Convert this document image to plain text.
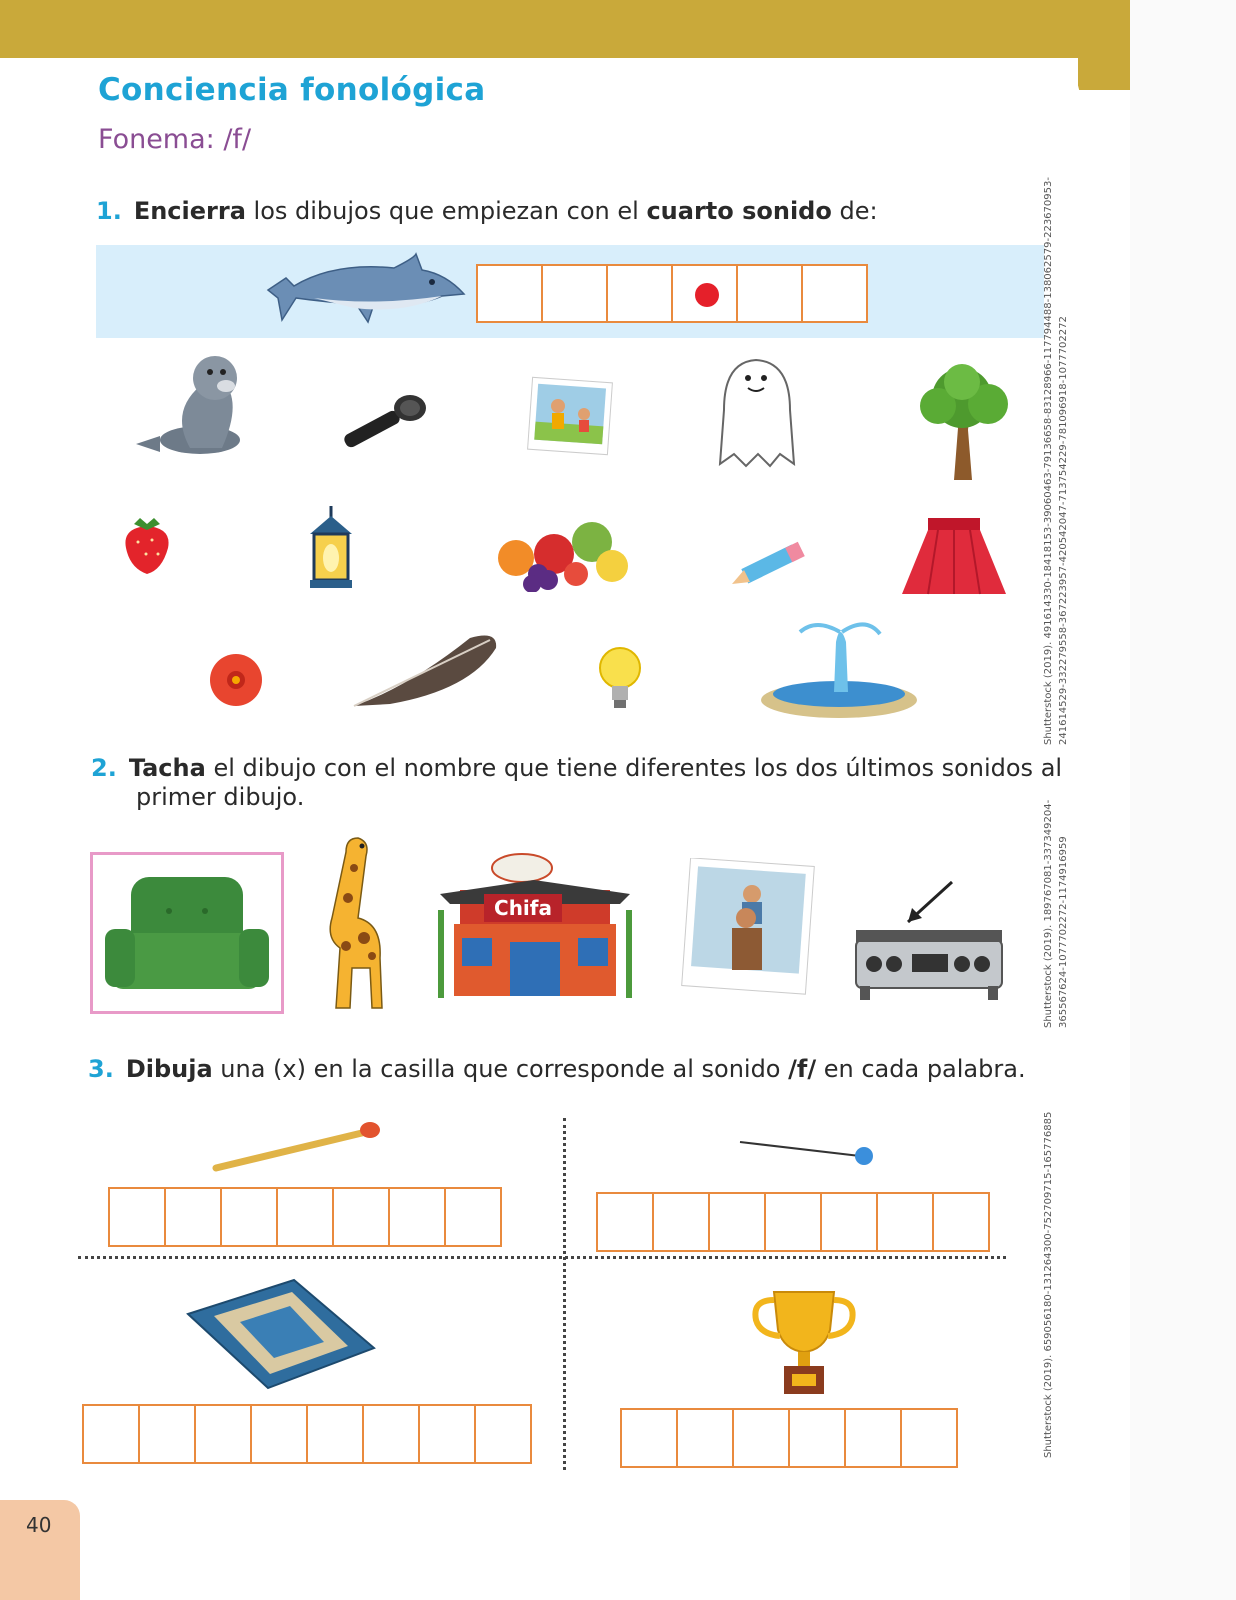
Conciencia fonológica
Fonema: /f/
1. Encierra los dibujos que empiezan con el cuarto sonido de:
2. Tacha el dibujo con el nombre que tiene diferentes los dos últimos sonidos al
primer dibujo.
Chifa
3. Dibuja una (x) en la casilla que corresponde al sonido /f/ en cada palabra.
Shutterstock (2019). 491614330-18418153-39060463-79136658-83128966-117794488-138062579-223670953- 241614529-332279558-367223957-420542047-713754229-781096918-1077702272
Shutterstock (2019). 189767081-337349204- 365567624-1077702272-1174916959
Shutterstock (2019). 659056180-131264300-752709715-165776885
40
